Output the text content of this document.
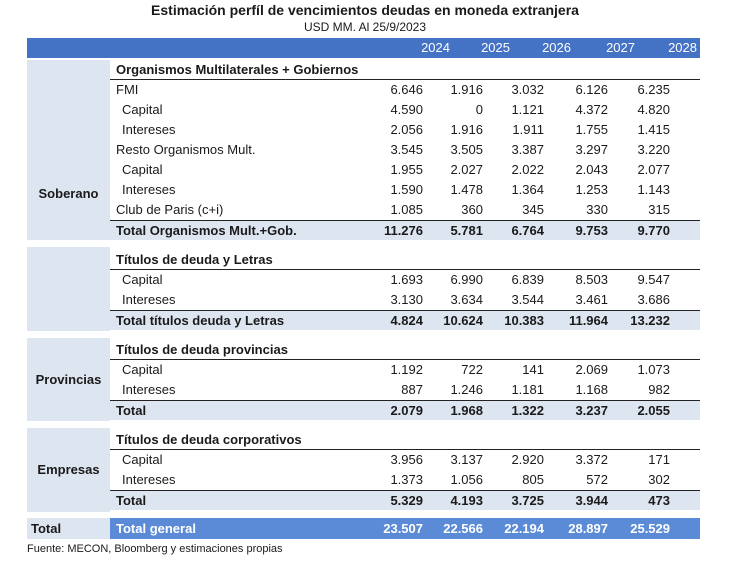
Estimación perfíl de vencimientos deudas en moneda extranjera
USD MM. Al 25/9/2023
2024	2025	2026	2027	2028
Soberano
Provincias
Empresas
Organismos Multilaterales + Gobiernos
FMI	6.646	1.916	3.032	6.126	6.235
Capital	4.590	0	1.121	4.372	4.820
Intereses	2.056	1.916	1.911	1.755	1.415
Resto Organismos Mult.	3.545	3.505	3.387	3.297	3.220
Capital	1.955	2.027	2.022	2.043	2.077
Intereses	1.590	1.478	1.364	1.253	1.143
Club de Paris (c+i)	1.085	360	345	330	315
Total Organismos Mult.+Gob.	11.276	5.781	6.764	9.753	9.770
Títulos de deuda y Letras
Capital	1.693	6.990	6.839	8.503	9.547
Intereses	3.130	3.634	3.544	3.461	3.686
Total títulos deuda y Letras	4.824	10.624	10.383	11.964	13.232
Títulos de deuda provincias
Capital	1.192	722	141	2.069	1.073
Intereses	887	1.246	1.181	1.168	982
Total	2.079	1.968	1.322	3.237	2.055
Títulos de deuda corporativos
Capital	3.956	3.137	2.920	3.372	171
Intereses	1.373	1.056	805	572	302
Total	5.329	4.193	3.725	3.944	473
Total	Total general	23.507	22.566	22.194	28.897	25.529
Fuente: MECON, Bloomberg y estimaciones propias
